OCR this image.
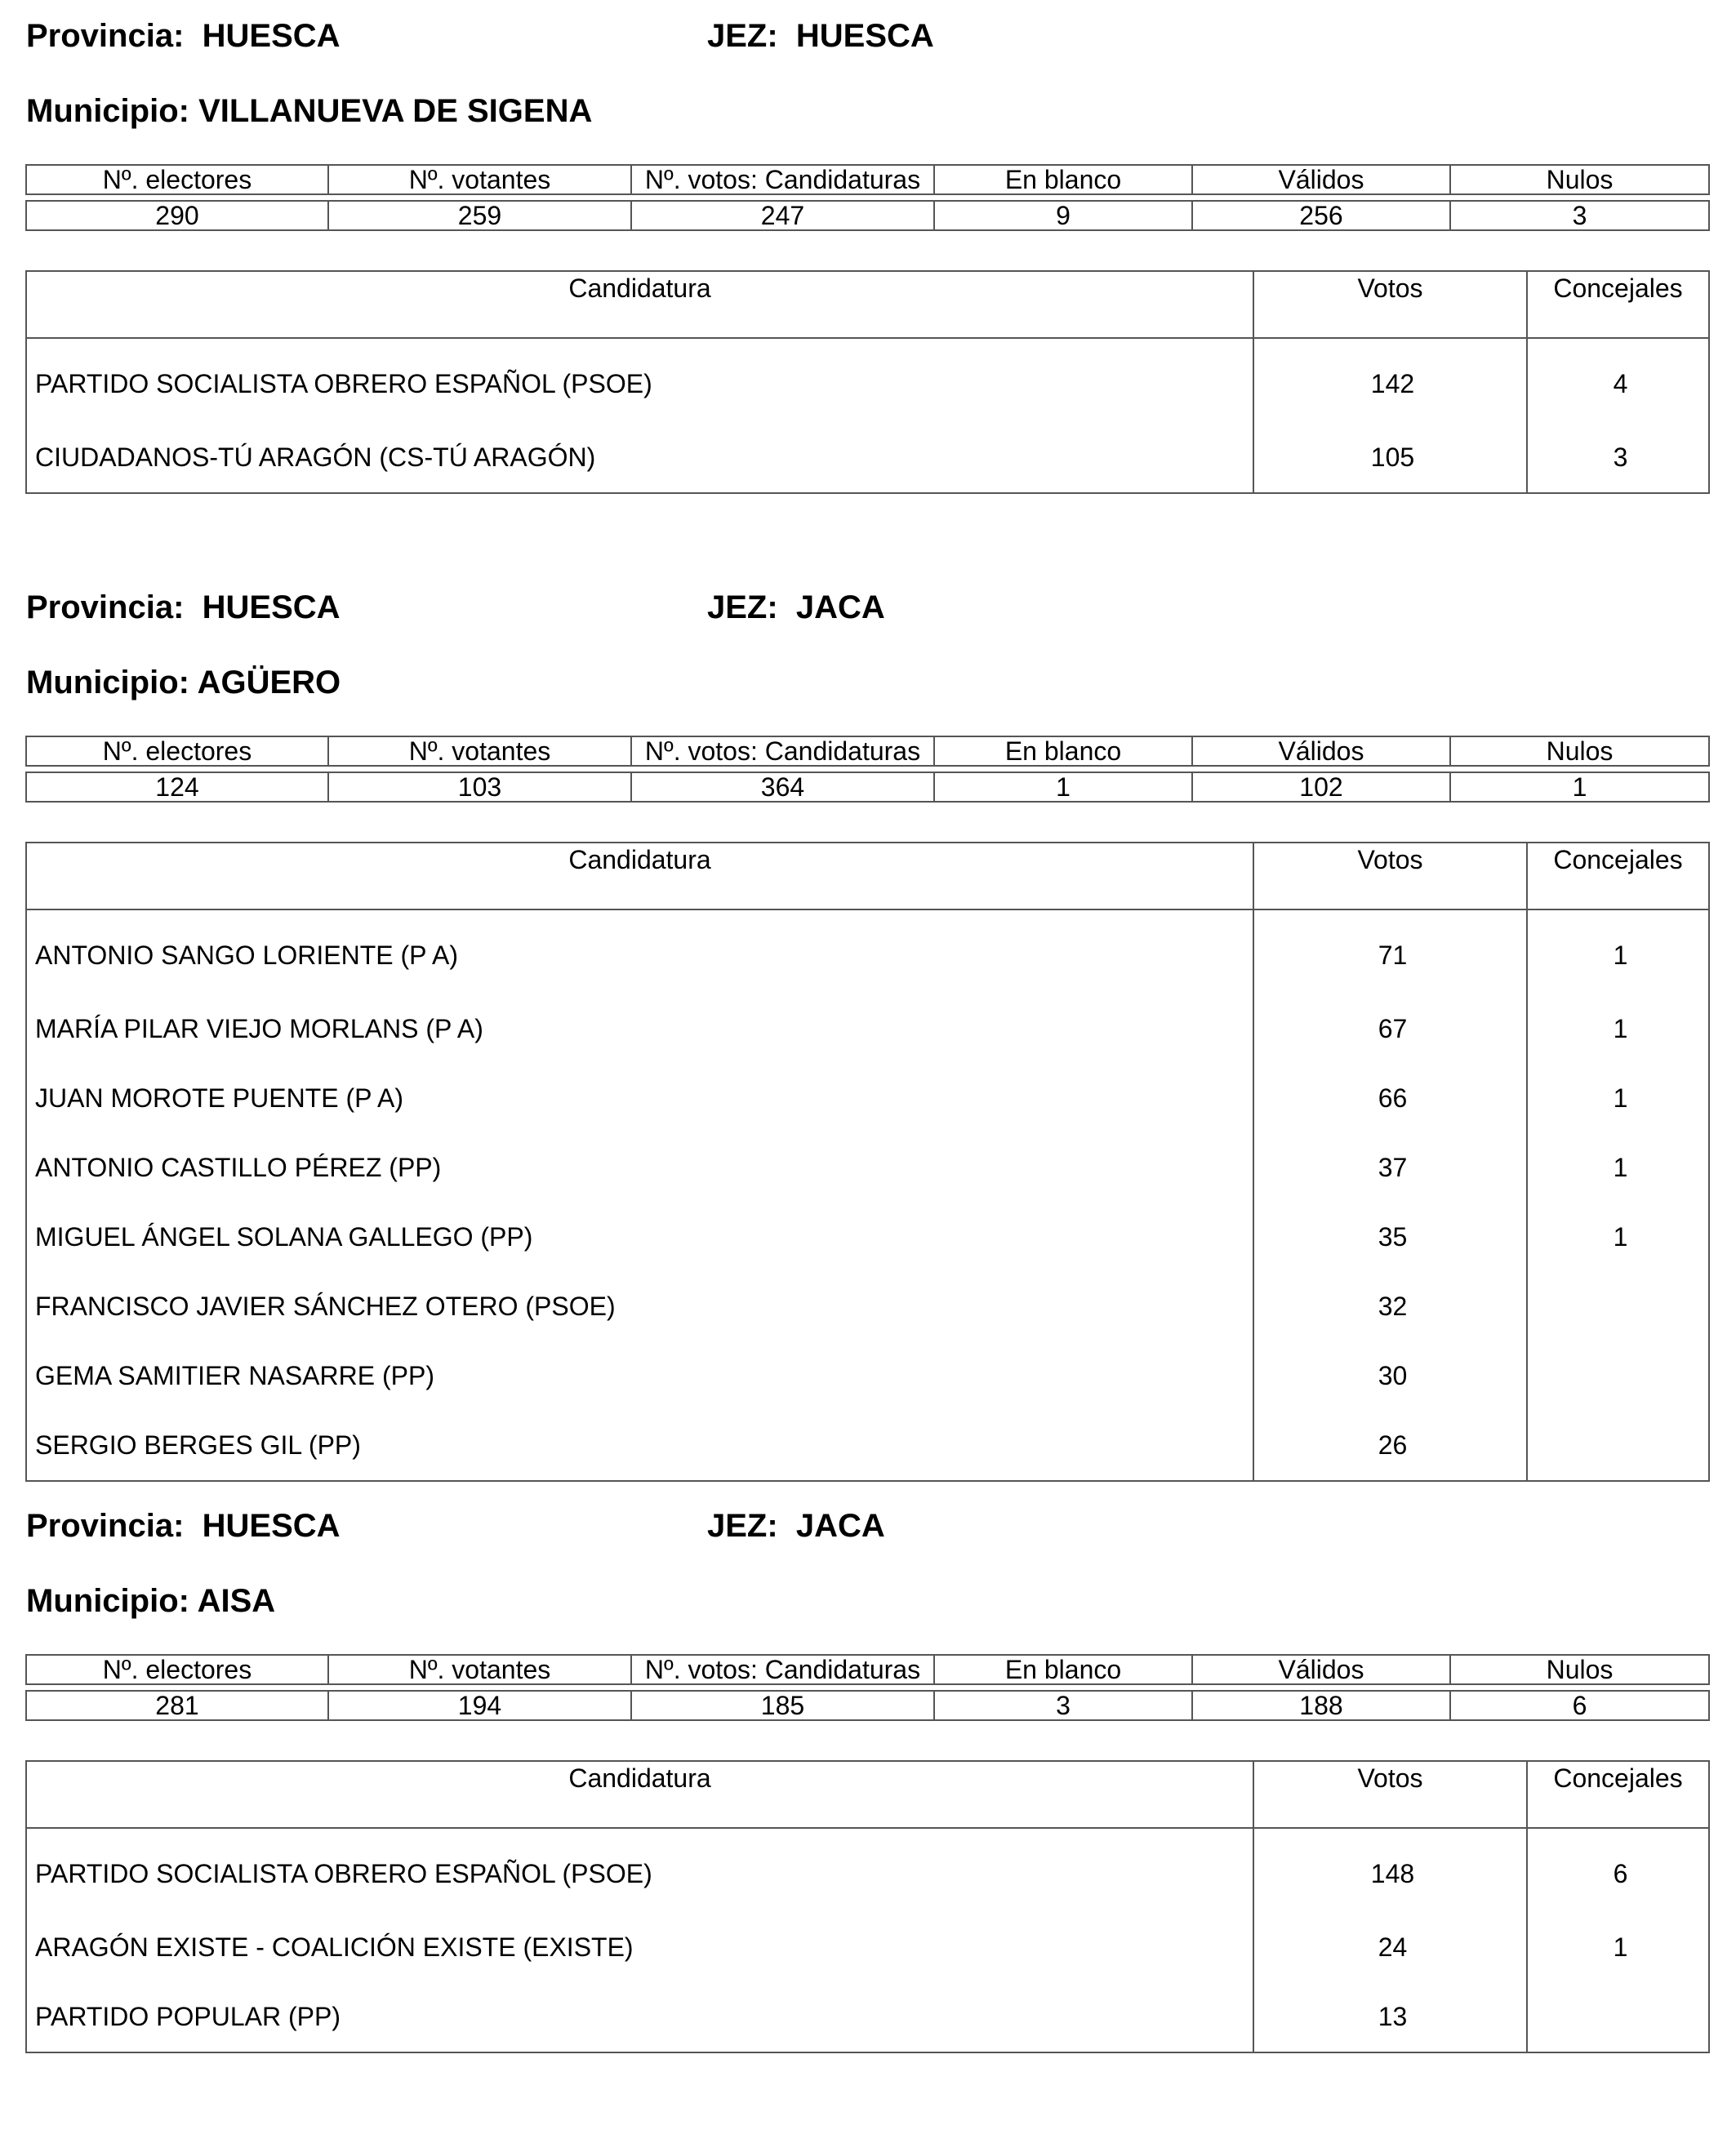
Provincia:  HUESCA	JEZ:  HUESCA
Municipio: VILLANUEVA DE SIGENA
Nº. electores	Nº. votantes	Nº. votos: Candidaturas	En blanco	Válidos	Nulos

290	259	247	9	256	3
Candidatura	Votos	Concejales
PARTIDO SOCIALISTA OBRERO ESPAÑOL (PSOE)	142	4
CIUDADANOS-TÚ ARAGÓN (CS-TÚ ARAGÓN)	105	3
Provincia:  HUESCA	JEZ:  JACA
Municipio: AGÜERO
Nº. electores	Nº. votantes	Nº. votos: Candidaturas	En blanco	Válidos	Nulos

124	103	364	1	102	1
Candidatura	Votos	Concejales
ANTONIO SANGO LORIENTE (P A)	71	1
MARÍA PILAR VIEJO MORLANS (P A)	67	1
JUAN MOROTE PUENTE (P A)	66	1
ANTONIO CASTILLO PÉREZ (PP)	37	1
MIGUEL ÁNGEL SOLANA GALLEGO (PP)	35	1
FRANCISCO JAVIER SÁNCHEZ OTERO (PSOE)	32	
GEMA SAMITIER NASARRE (PP)	30	
SERGIO BERGES GIL (PP)	26	
Provincia:  HUESCA	JEZ:  JACA
Municipio: AISA
Nº. electores	Nº. votantes	Nº. votos: Candidaturas	En blanco	Válidos	Nulos

281	194	185	3	188	6
Candidatura	Votos	Concejales
PARTIDO SOCIALISTA OBRERO ESPAÑOL (PSOE)	148	6
ARAGÓN EXISTE - COALICIÓN EXISTE (EXISTE)	24	1
PARTIDO POPULAR (PP)	13	
